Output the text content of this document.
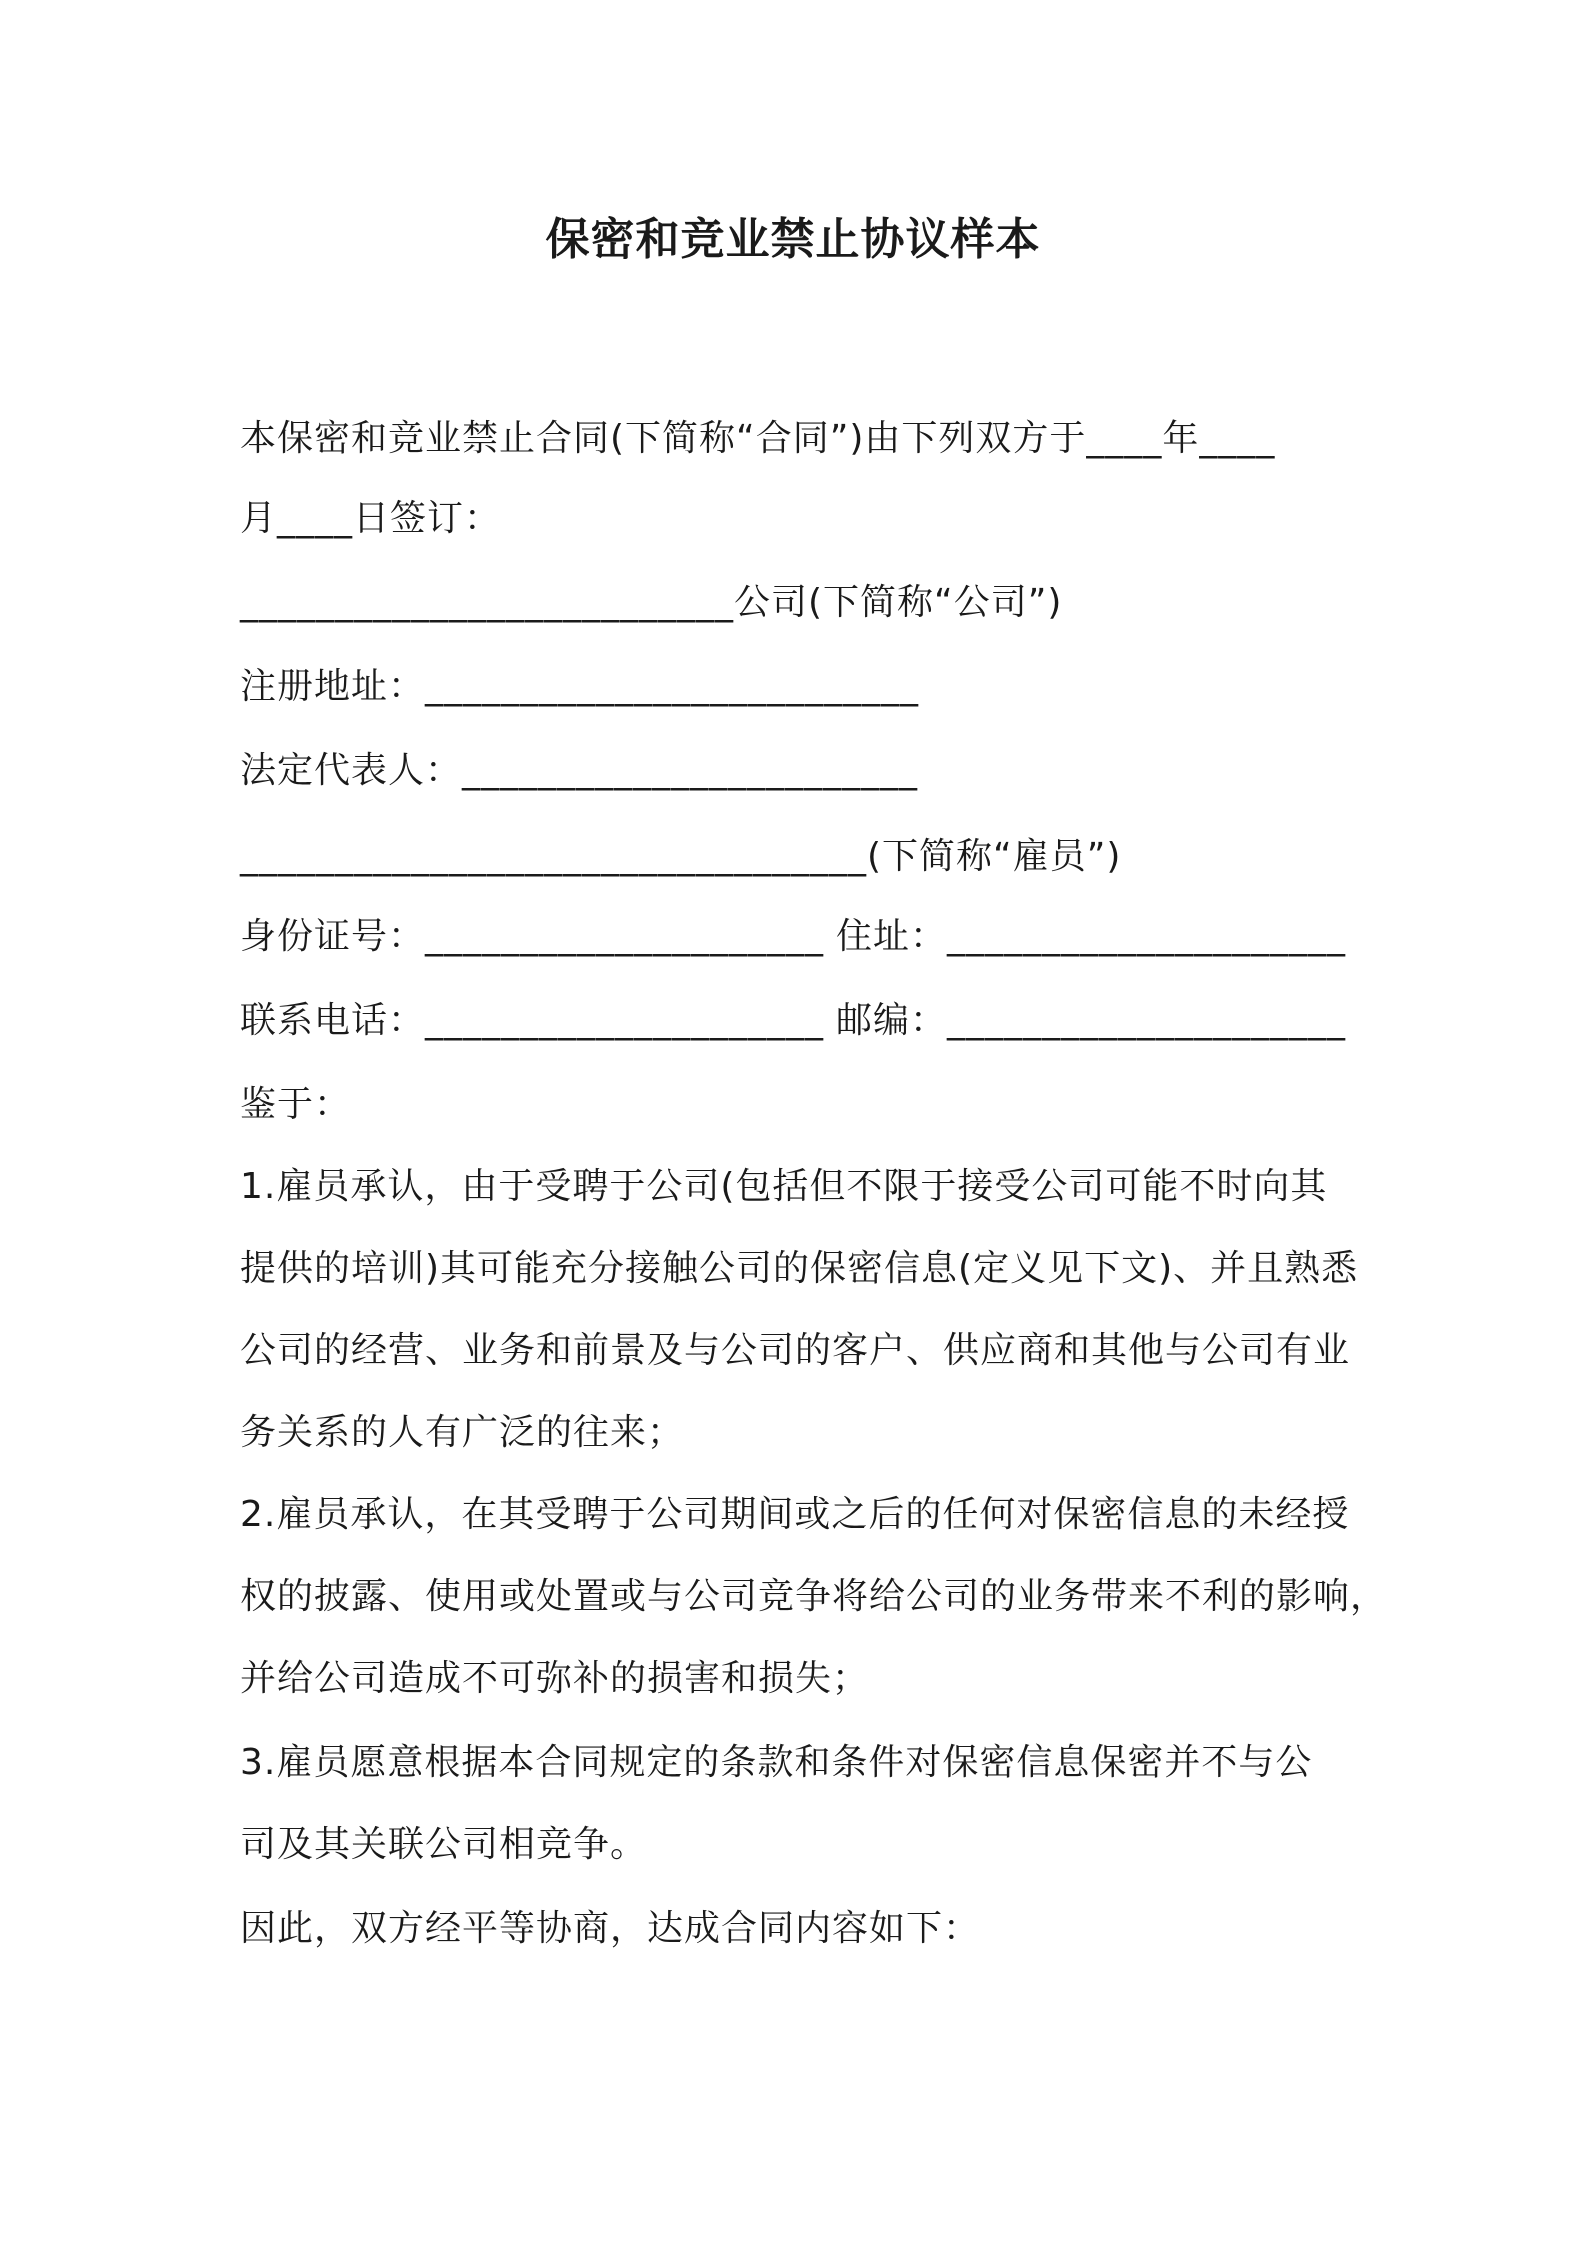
保密和竞业禁止协议样本
本保密和竞业禁止合同(下简称“合同”)由下列双方于____年____
月____日签订：
__________________________公司(下简称“公司”)
注册地址：__________________________
法定代表人：________________________
_________________________________(下简称“雇员”)
身份证号：_____________________ 住址：_____________________
联系电话：_____________________ 邮编：_____________________
鉴于：
1.雇员承认，由于受聘于公司(包括但不限于接受公司可能不时向其
提供的培训)其可能充分接触公司的保密信息(定义见下文)、并且熟悉
公司的经营、业务和前景及与公司的客户、供应商和其他与公司有业
务关系的人有广泛的往来；
2.雇员承认，在其受聘于公司期间或之后的任何对保密信息的未经授
权的披露、使用或处置或与公司竞争将给公司的业务带来不利的影响，
并给公司造成不可弥补的损害和损失；
3.雇员愿意根据本合同规定的条款和条件对保密信息保密并不与公
司及其关联公司相竞争。
因此，双方经平等协商，达成合同内容如下：
